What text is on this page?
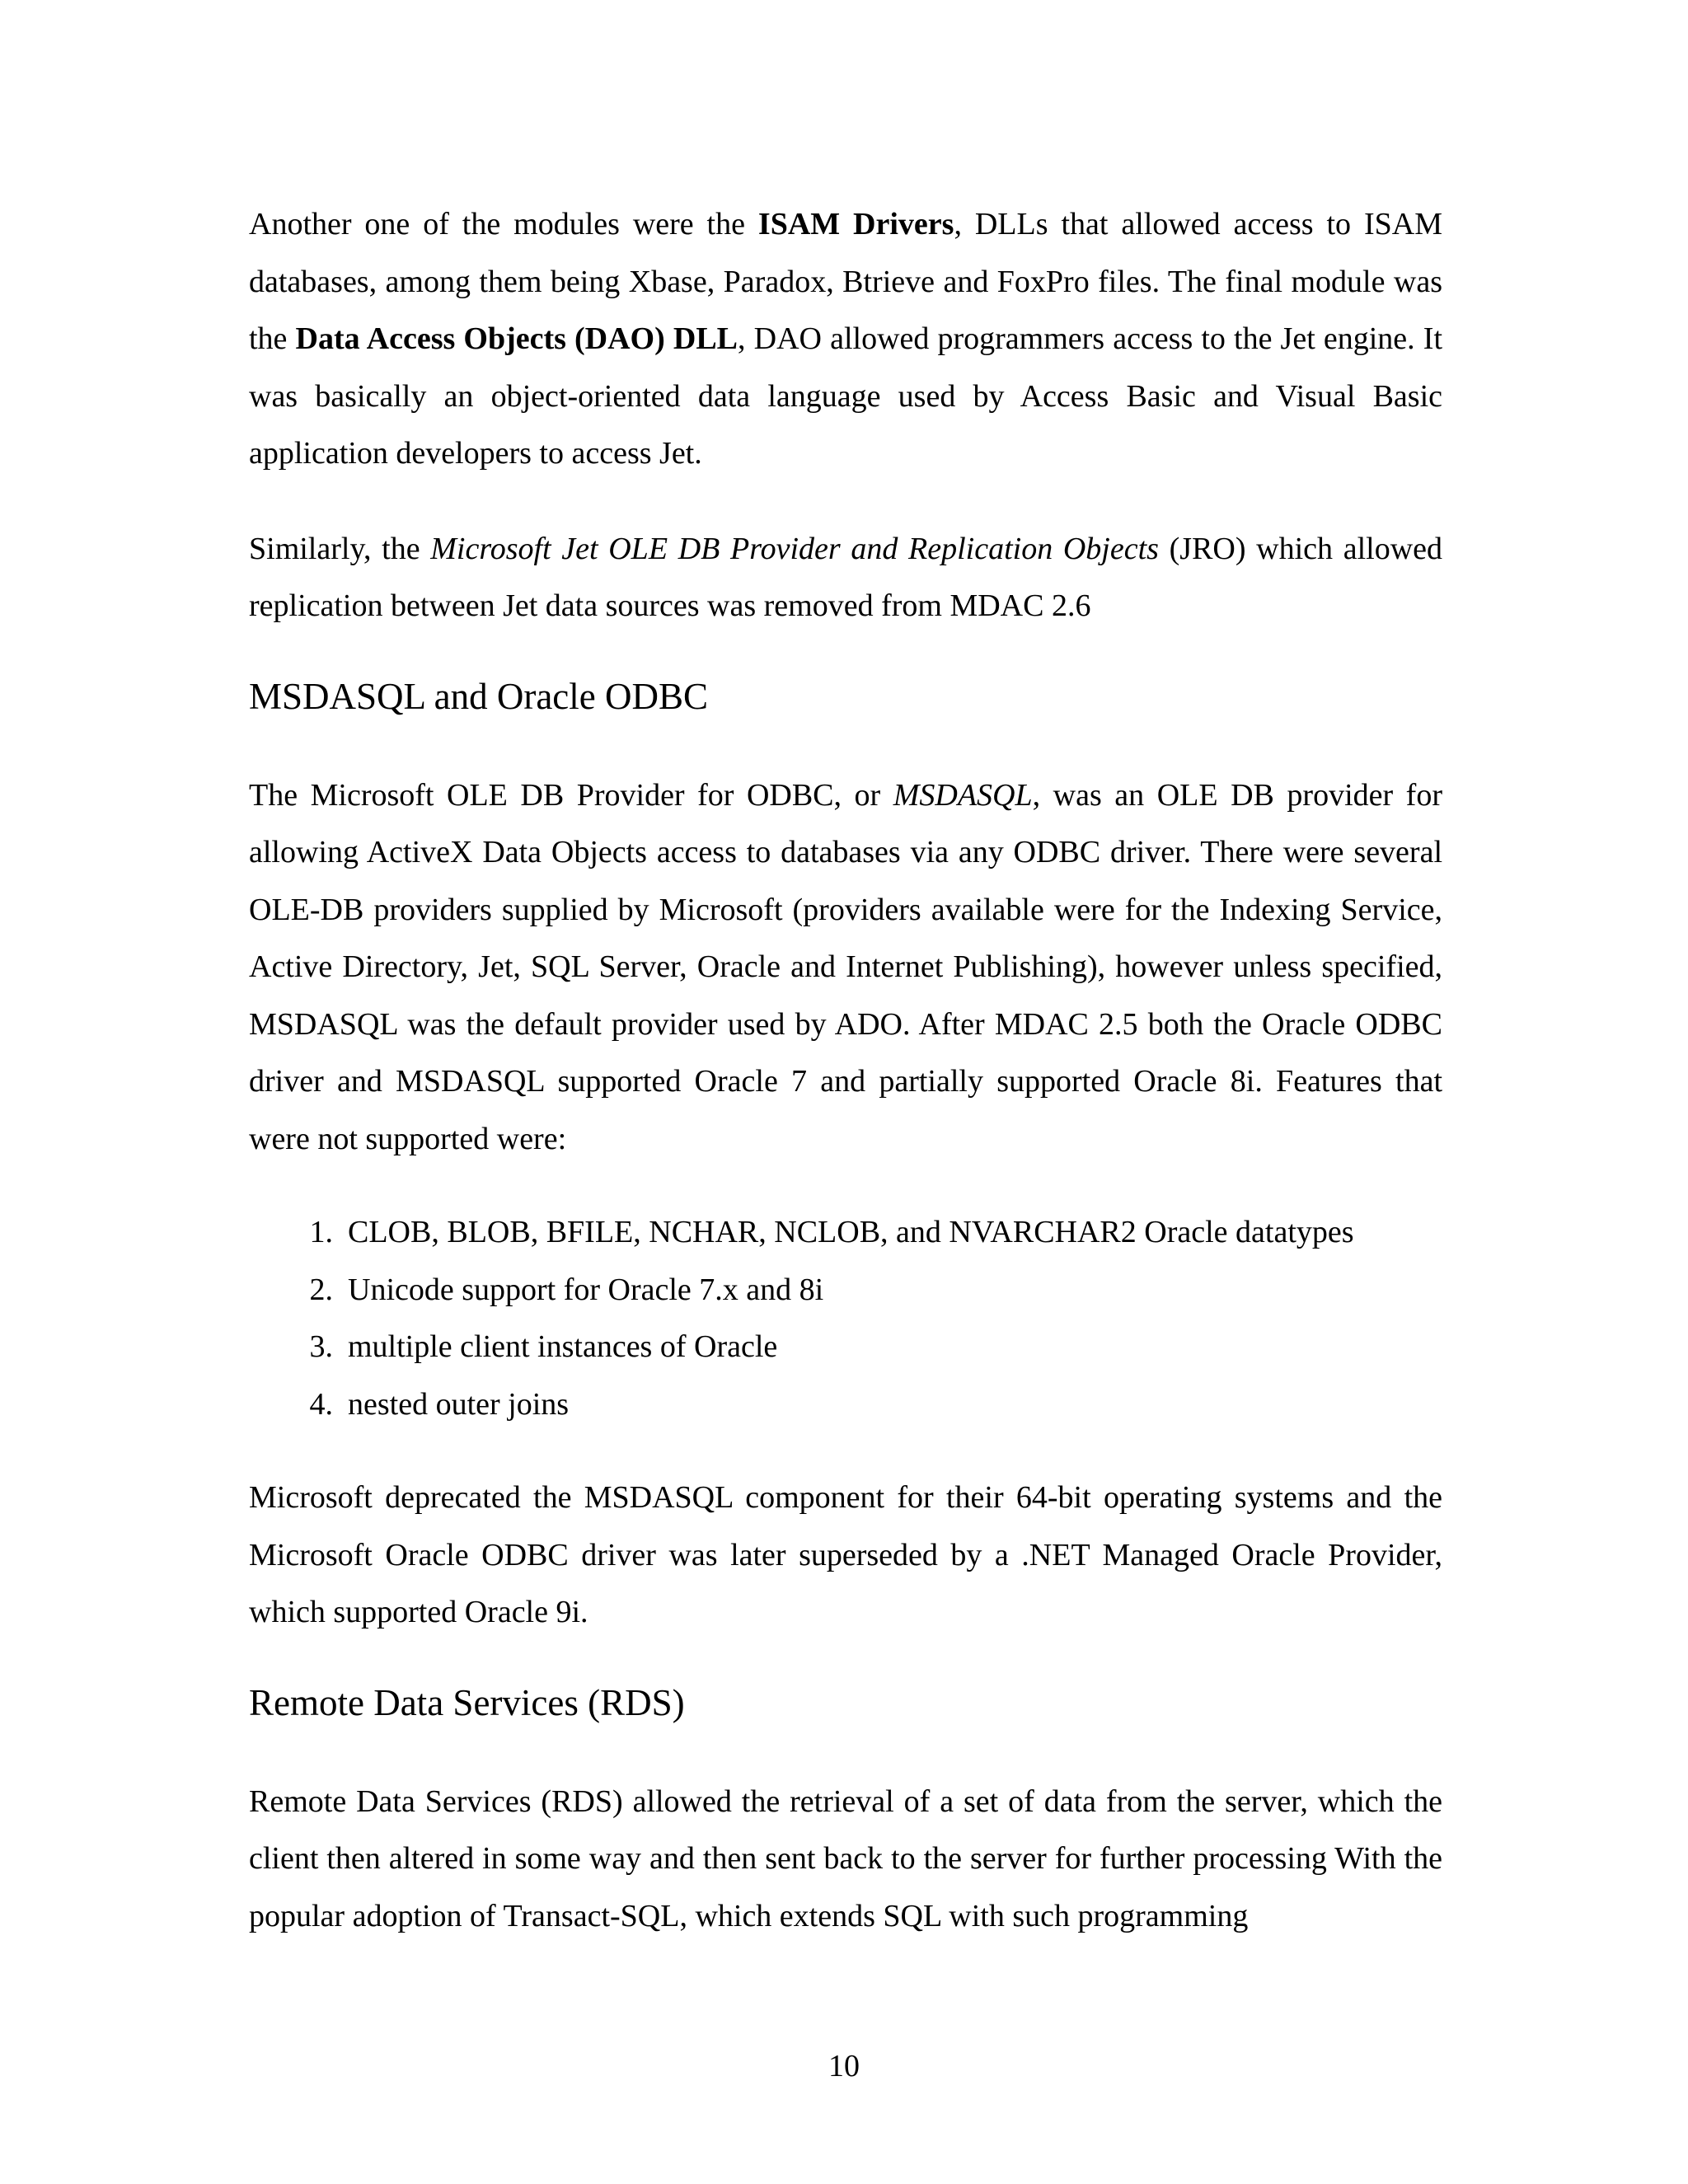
Another one of the modules were the ISAM Drivers, DLLs that allowed access to ISAM databases, among them being Xbase, Paradox, Btrieve and FoxPro files. The final module was the Data Access Objects (DAO) DLL, DAO allowed programmers access to the Jet engine. It was basically an object-oriented data language used by Access Basic and Visual Basic application developers to access Jet.

Similarly, the Microsoft Jet OLE DB Provider and Replication Objects (JRO) which allowed replication between Jet data sources was removed from MDAC 2.6

MSDASQL and Oracle ODBC

The Microsoft OLE DB Provider for ODBC, or MSDASQL, was an OLE DB provider for allowing ActiveX Data Objects access to databases via any ODBC driver. There were several OLE-DB providers supplied by Microsoft (providers available were for the Indexing Service, Active Directory, Jet, SQL Server, Oracle and Internet Publishing), however unless specified, MSDASQL was the default provider used by ADO. After MDAC 2.5 both the Oracle ODBC driver and MSDASQL supported Oracle 7 and partially supported Oracle 8i. Features that were not supported were:

1. CLOB, BLOB, BFILE, NCHAR, NCLOB, and NVARCHAR2 Oracle datatypes
2. Unicode support for Oracle 7.x and 8i
3. multiple client instances of Oracle
4. nested outer joins

Microsoft deprecated the MSDASQL component for their 64-bit operating systems and the Microsoft Oracle ODBC driver was later superseded by a .NET Managed Oracle Provider, which supported Oracle 9i.

Remote Data Services (RDS)

Remote Data Services (RDS) allowed the retrieval of a set of data from the server, which the client then altered in some way and then sent back to the server for further processing With the popular adoption of Transact-SQL, which extends SQL with such programming

10
